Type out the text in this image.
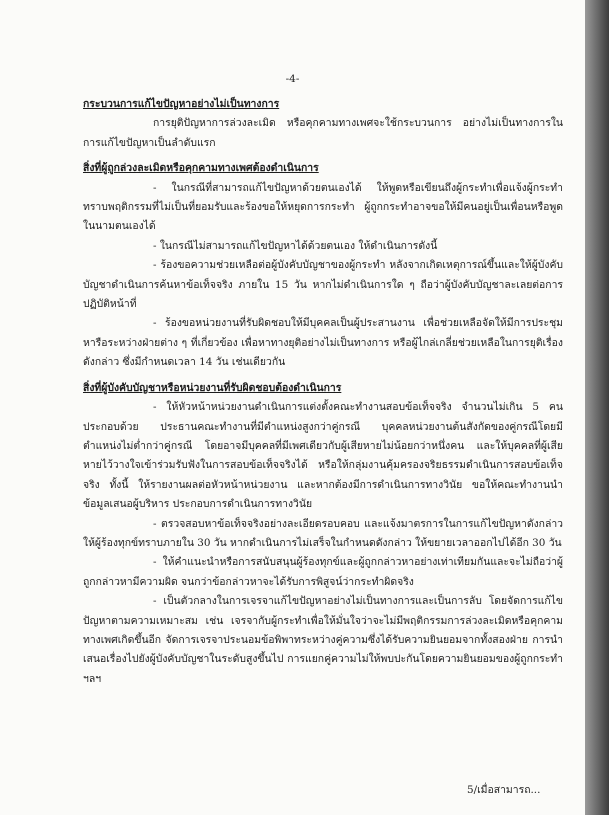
-4-

กระบวนการแก้ไขปัญหาอย่างไม่เป็นทางการ

การยุติปัญหาการล่วงละเมิด หรือคุกคามทางเพศจะใช้กระบวนการ อย่างไม่เป็นทางการในการแก้ไขปัญหาเป็นลำดับแรก

สิ่งที่ผู้ถูกล่วงละเมิดหรือคุกคามทางเพศต้องดำเนินการ

- ในกรณีที่สามารถแก้ไขปัญหาด้วยตนเองได้ ให้พูดหรือเขียนถึงผู้กระทำเพื่อแจ้งผู้กระทำทราบพฤติกรรมที่ไม่เป็นที่ยอมรับและร้องขอให้หยุดการกระทำ ผู้ถูกกระทำอาจขอให้มีคนอยู่เป็นเพื่อนหรือพูดในนามตนเองได้

- ในกรณีไม่สามารถแก้ไขปัญหาได้ด้วยตนเอง ให้ดำเนินการดังนี้

- ร้องขอความช่วยเหลือต่อผู้บังคับบัญชาของผู้กระทำ หลังจากเกิดเหตุการณ์ขึ้นและให้ผู้บังคับบัญชาดำเนินการค้นหาข้อเท็จจริง ภายใน 15 วัน หากไม่ดำเนินการใด ๆ ถือว่าผู้บังคับบัญชาละเลยต่อการปฏิบัติหน้าที่

- ร้องขอหน่วยงานที่รับผิดชอบให้มีบุคคลเป็นผู้ประสานงาน เพื่อช่วยเหลือจัดให้มีการประชุมหารือระหว่างฝ่ายต่าง ๆ ที่เกี่ยวข้อง เพื่อหาทางยุติอย่างไม่เป็นทางการ หรือผู้ไกล่เกลี่ยช่วยเหลือในการยุติเรื่องดังกล่าว ซึ่งมีกำหนดเวลา 14 วัน เช่นเดียวกัน

สิ่งที่ผู้บังคับบัญชาหรือหน่วยงานที่รับผิดชอบต้องดำเนินการ

- ให้หัวหน้าหน่วยงานดำเนินการแต่งตั้งคณะทำงานสอบข้อเท็จจริง จำนวนไม่เกิน 5 คน ประกอบด้วย ประธานคณะทำงานที่มีตำแหน่งสูงกว่าคู่กรณี บุคคลหน่วยงานต้นสังกัดของคู่กรณีโดยมีตำแหน่งไม่ต่ำกว่าคู่กรณี โดยอาจมีบุคคลที่มีเพศเดียวกับผู้เสียหายไม่น้อยกว่าหนึ่งคน และให้บุคคลที่ผู้เสียหายไว้วางใจเข้าร่วมรับฟังในการสอบข้อเท็จจริงได้ หรือให้กลุ่มงานคุ้มครองจริยธรรมดำเนินการสอบข้อเท็จจริง ทั้งนี้ ให้รายงานผลต่อหัวหน้าหน่วยงาน และหากต้องมีการดำเนินการทางวินัย ขอให้คณะทำงานนำข้อมูลเสนอผู้บริหาร ประกอบการดำเนินการทางวินัย

- ตรวจสอบหาข้อเท็จจริงอย่างละเอียดรอบคอบ และแจ้งมาตรการในการแก้ไขปัญหาดังกล่าวให้ผู้ร้องทุกข์ทราบภายใน 30 วัน หากดำเนินการไม่เสร็จในกำหนดดังกล่าว ให้ขยายเวลาออกไปได้อีก 30 วัน

- ให้คำแนะนำหรือการสนับสนุนผู้ร้องทุกข์และผู้ถูกกล่าวหาอย่างเท่าเทียมกันและจะไม่ถือว่าผู้ถูกกล่าวหามีความผิด จนกว่าข้อกล่าวหาจะได้รับการพิสูจน์ว่ากระทำผิดจริง

- เป็นตัวกลางในการเจรจาแก้ไขปัญหาอย่างไม่เป็นทางการและเป็นการลับ โดยจัดการแก้ไขปัญหาตามความเหมาะสม เช่น เจรจากับผู้กระทำเพื่อให้มั่นใจว่าจะไม่มีพฤติกรรมการล่วงละเมิดหรือคุกคามทางเพศเกิดขึ้นอีก จัดการเจรจาประนอมข้อพิพาทระหว่างคู่ความซึ่งได้รับความยินยอมจากทั้งสองฝ่าย การนำเสนอเรื่องไปยังผู้บังคับบัญชาในระดับสูงขึ้นไป การแยกคู่ความไม่ให้พบปะกันโดยความยินยอมของผู้ถูกกระทำ ฯลฯ

5/เมื่อสามารถ...
